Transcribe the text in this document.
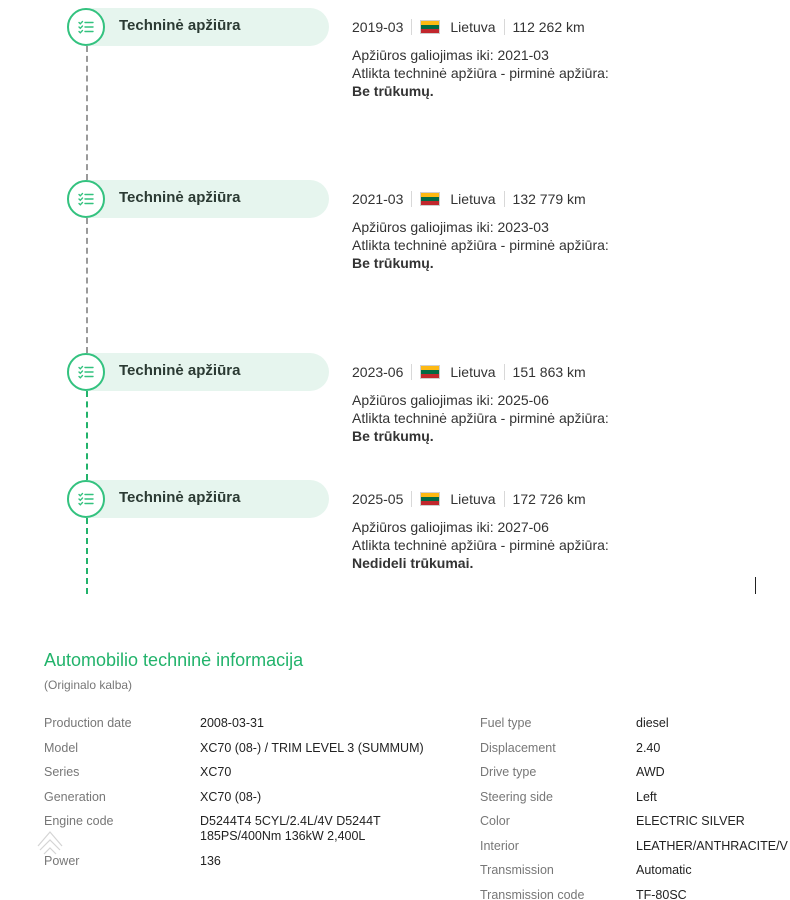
Techninė apžiūra	2019-03	Lietuva 112 262 km
Apžiūros galiojimas iki: 2021-03
Atlikta techninė apžiūra - pirminė apžiūra:
Be trūkumų.
Techninė apžiūra	2021-03	Lietuva 132 779 km
Apžiūros galiojimas iki: 2023-03
Atlikta techninė apžiūra - pirminė apžiūra:
Be trūkumų.
Techninė apžiūra	2023-06	Lietuva 151 863 km
Apžiūros galiojimas iki: 2025-06
Atlikta techninė apžiūra - pirminė apžiūra:
Be trūkumų.
Techninė apžiūra	2025-05	Lietuva 172 726 km
Apžiūros galiojimas iki: 2027-06
Atlikta techninė apžiūra - pirminė apžiūra:
Nedideli trūkumai.
Automobilio techninė informacija
(Originalo kalba)
Production date	2008-03-31
Model	XC70 (08-) / TRIM LEVEL 3 (SUMMUM)
Series	XC70
Generation	XC70 (08-)
Engine code	D5244T4 5CYL/2.4L/4V D5244T 185PS/400Nm 136kW 2,400L
Power	136
Fuel type	diesel
Displacement	2.40
Drive type	AWD
Steering side	Left
Color	ELECTRIC SILVER
Interior	LEATHER/ANTHRACITE/V
Transmission	Automatic
Transmission code	TF-80SC
